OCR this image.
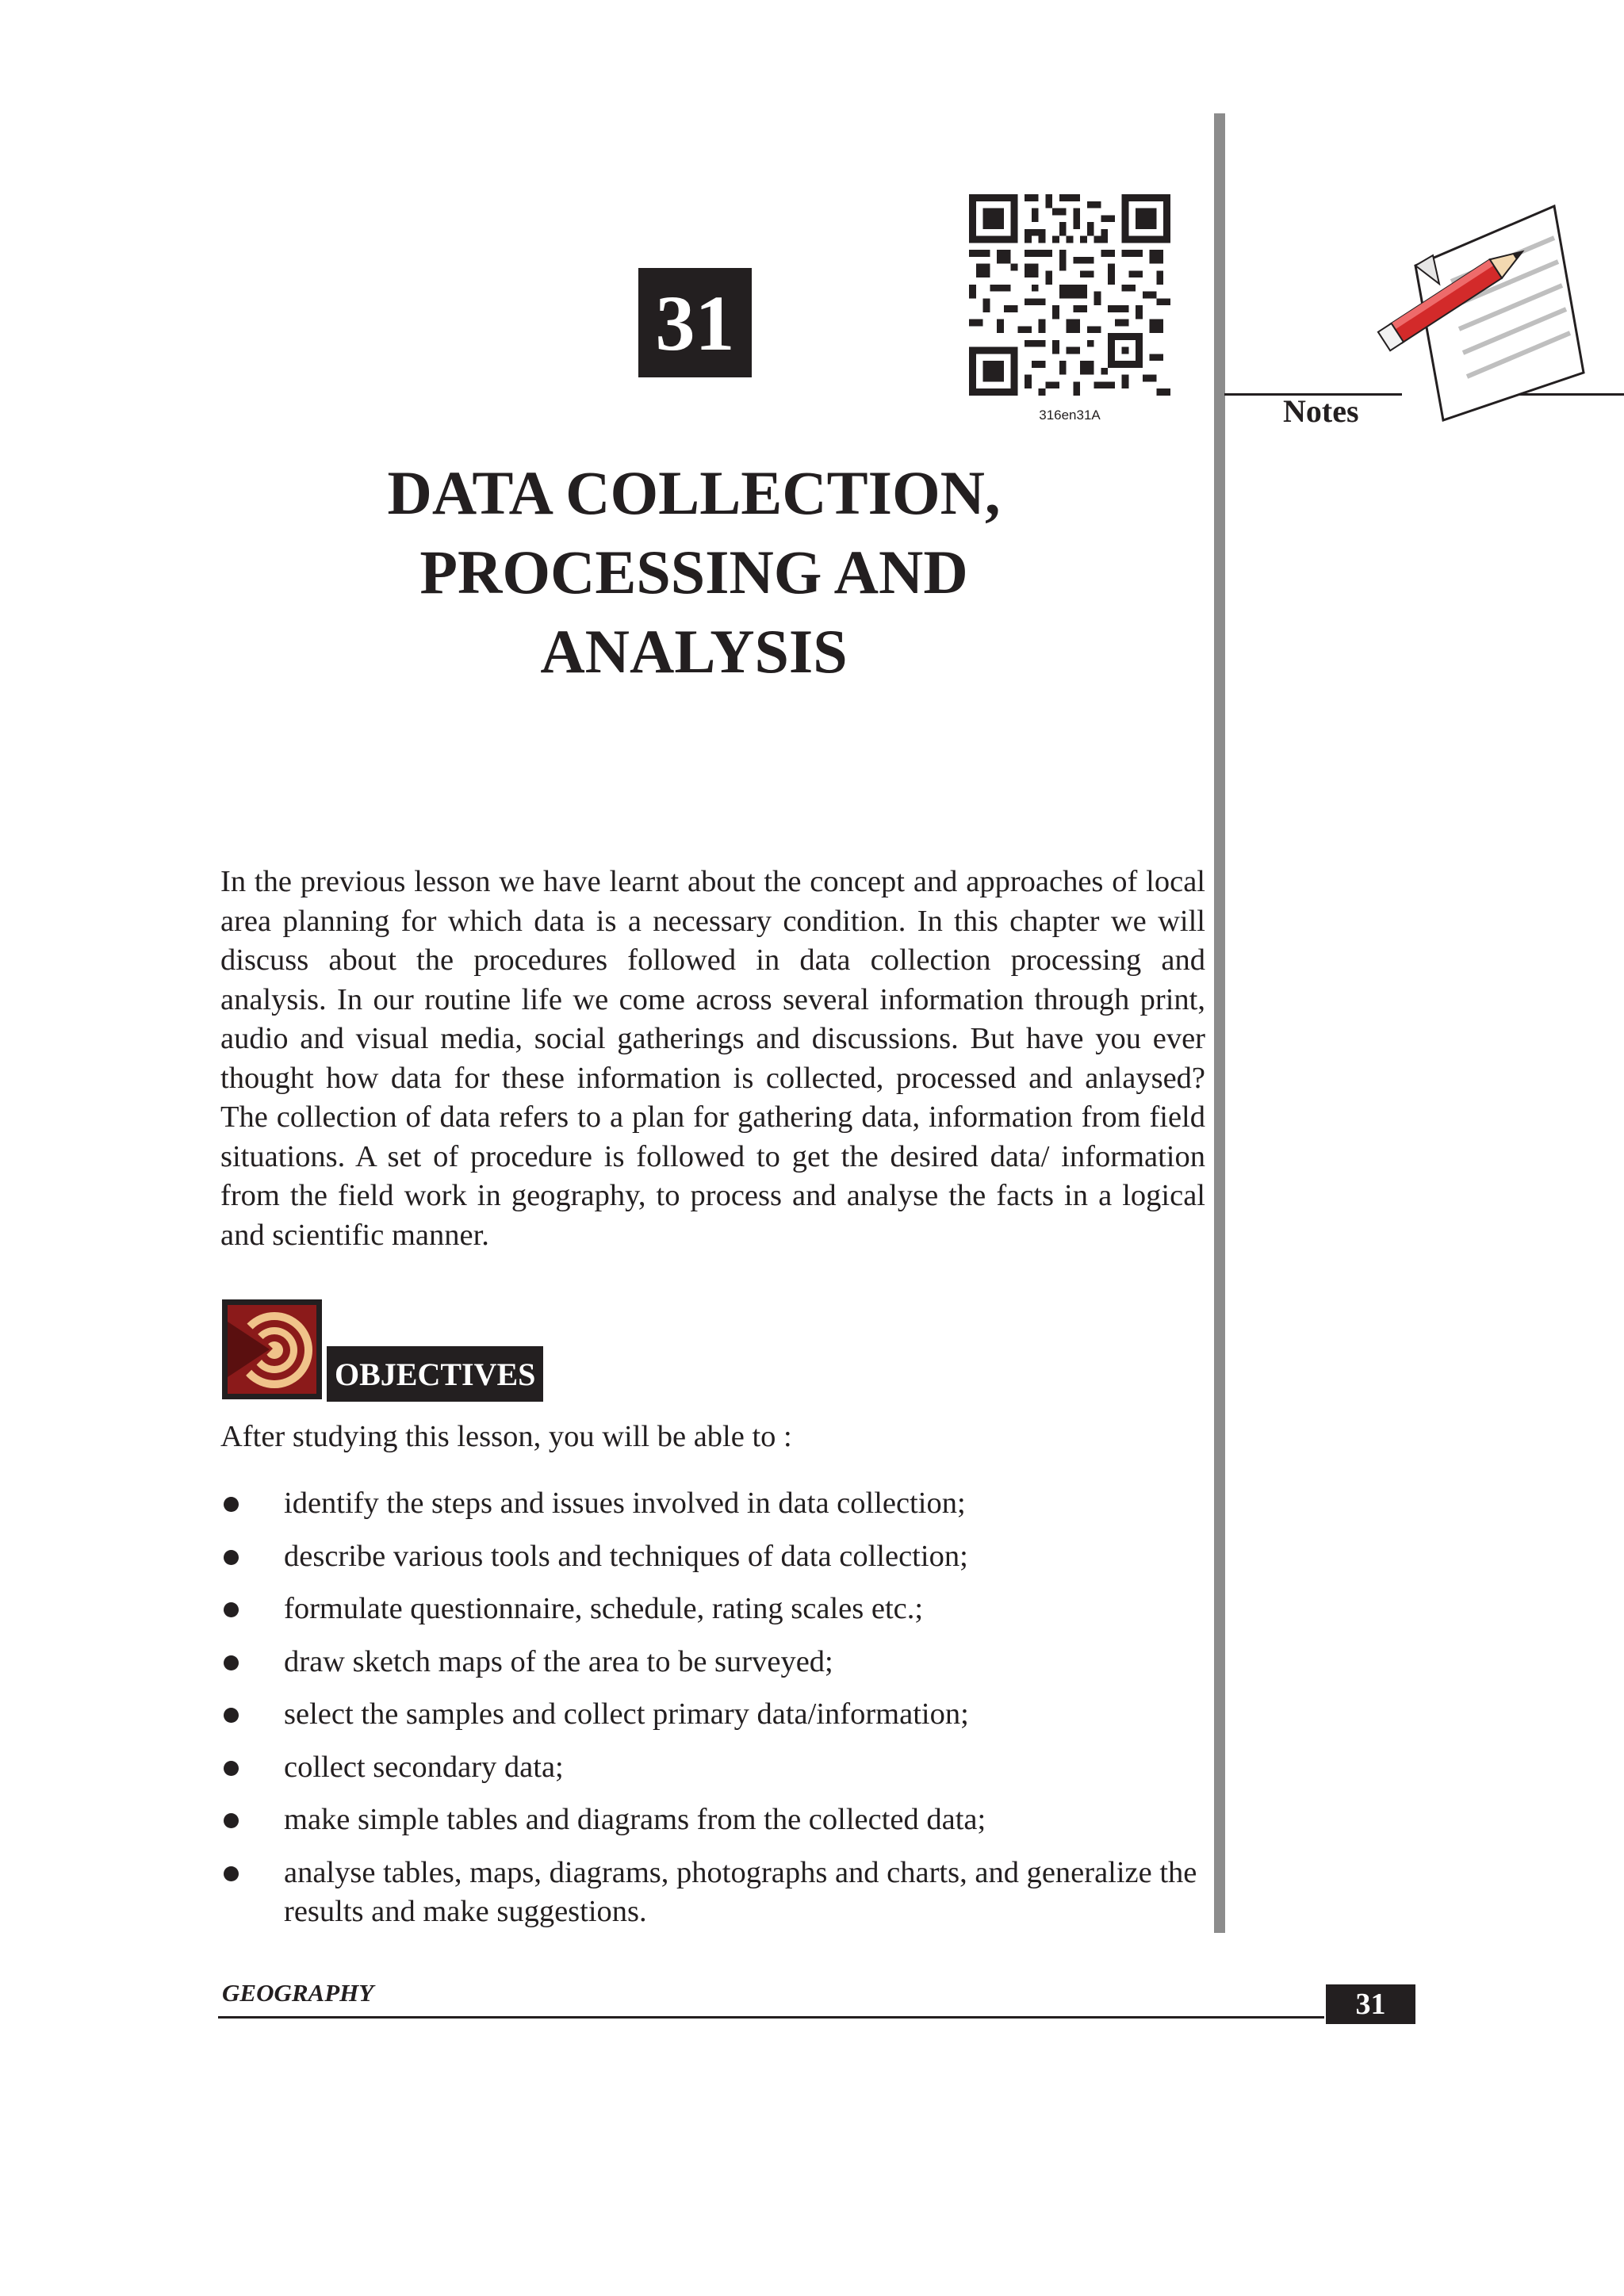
Notes
31
316en31A
DATA COLLECTION,
PROCESSING AND
ANALYSIS

In the previous lesson we have learnt about the concept and approaches of local area planning for which data is a necessary condition. In this chapter we will discuss about the procedures followed in data collection processing and analysis. In our routine life we come across several information through print, audio and visual media, social gatherings and discussions. But have you ever thought how data for these information is collected, processed and anlaysed? The collection of data refers to a plan for gathering data, information from field situations. A set of procedure is followed to get the desired data/ information from the field work in geography, to process and analyse the facts in a logical and scientific manner.

OBJECTIVES

After studying this lesson, you will be able to :

identify the steps and issues involved in data collection;
describe various tools and techniques of data collection;
formulate questionnaire, schedule, rating scales etc.;
draw sketch maps of the area to be surveyed;
select the samples and collect primary data/information;
collect secondary data;
make simple tables and diagrams from the collected data;
analyse tables, maps, diagrams, photographs and charts, and generalize the results and make suggestions.
GEOGRAPHY	31
